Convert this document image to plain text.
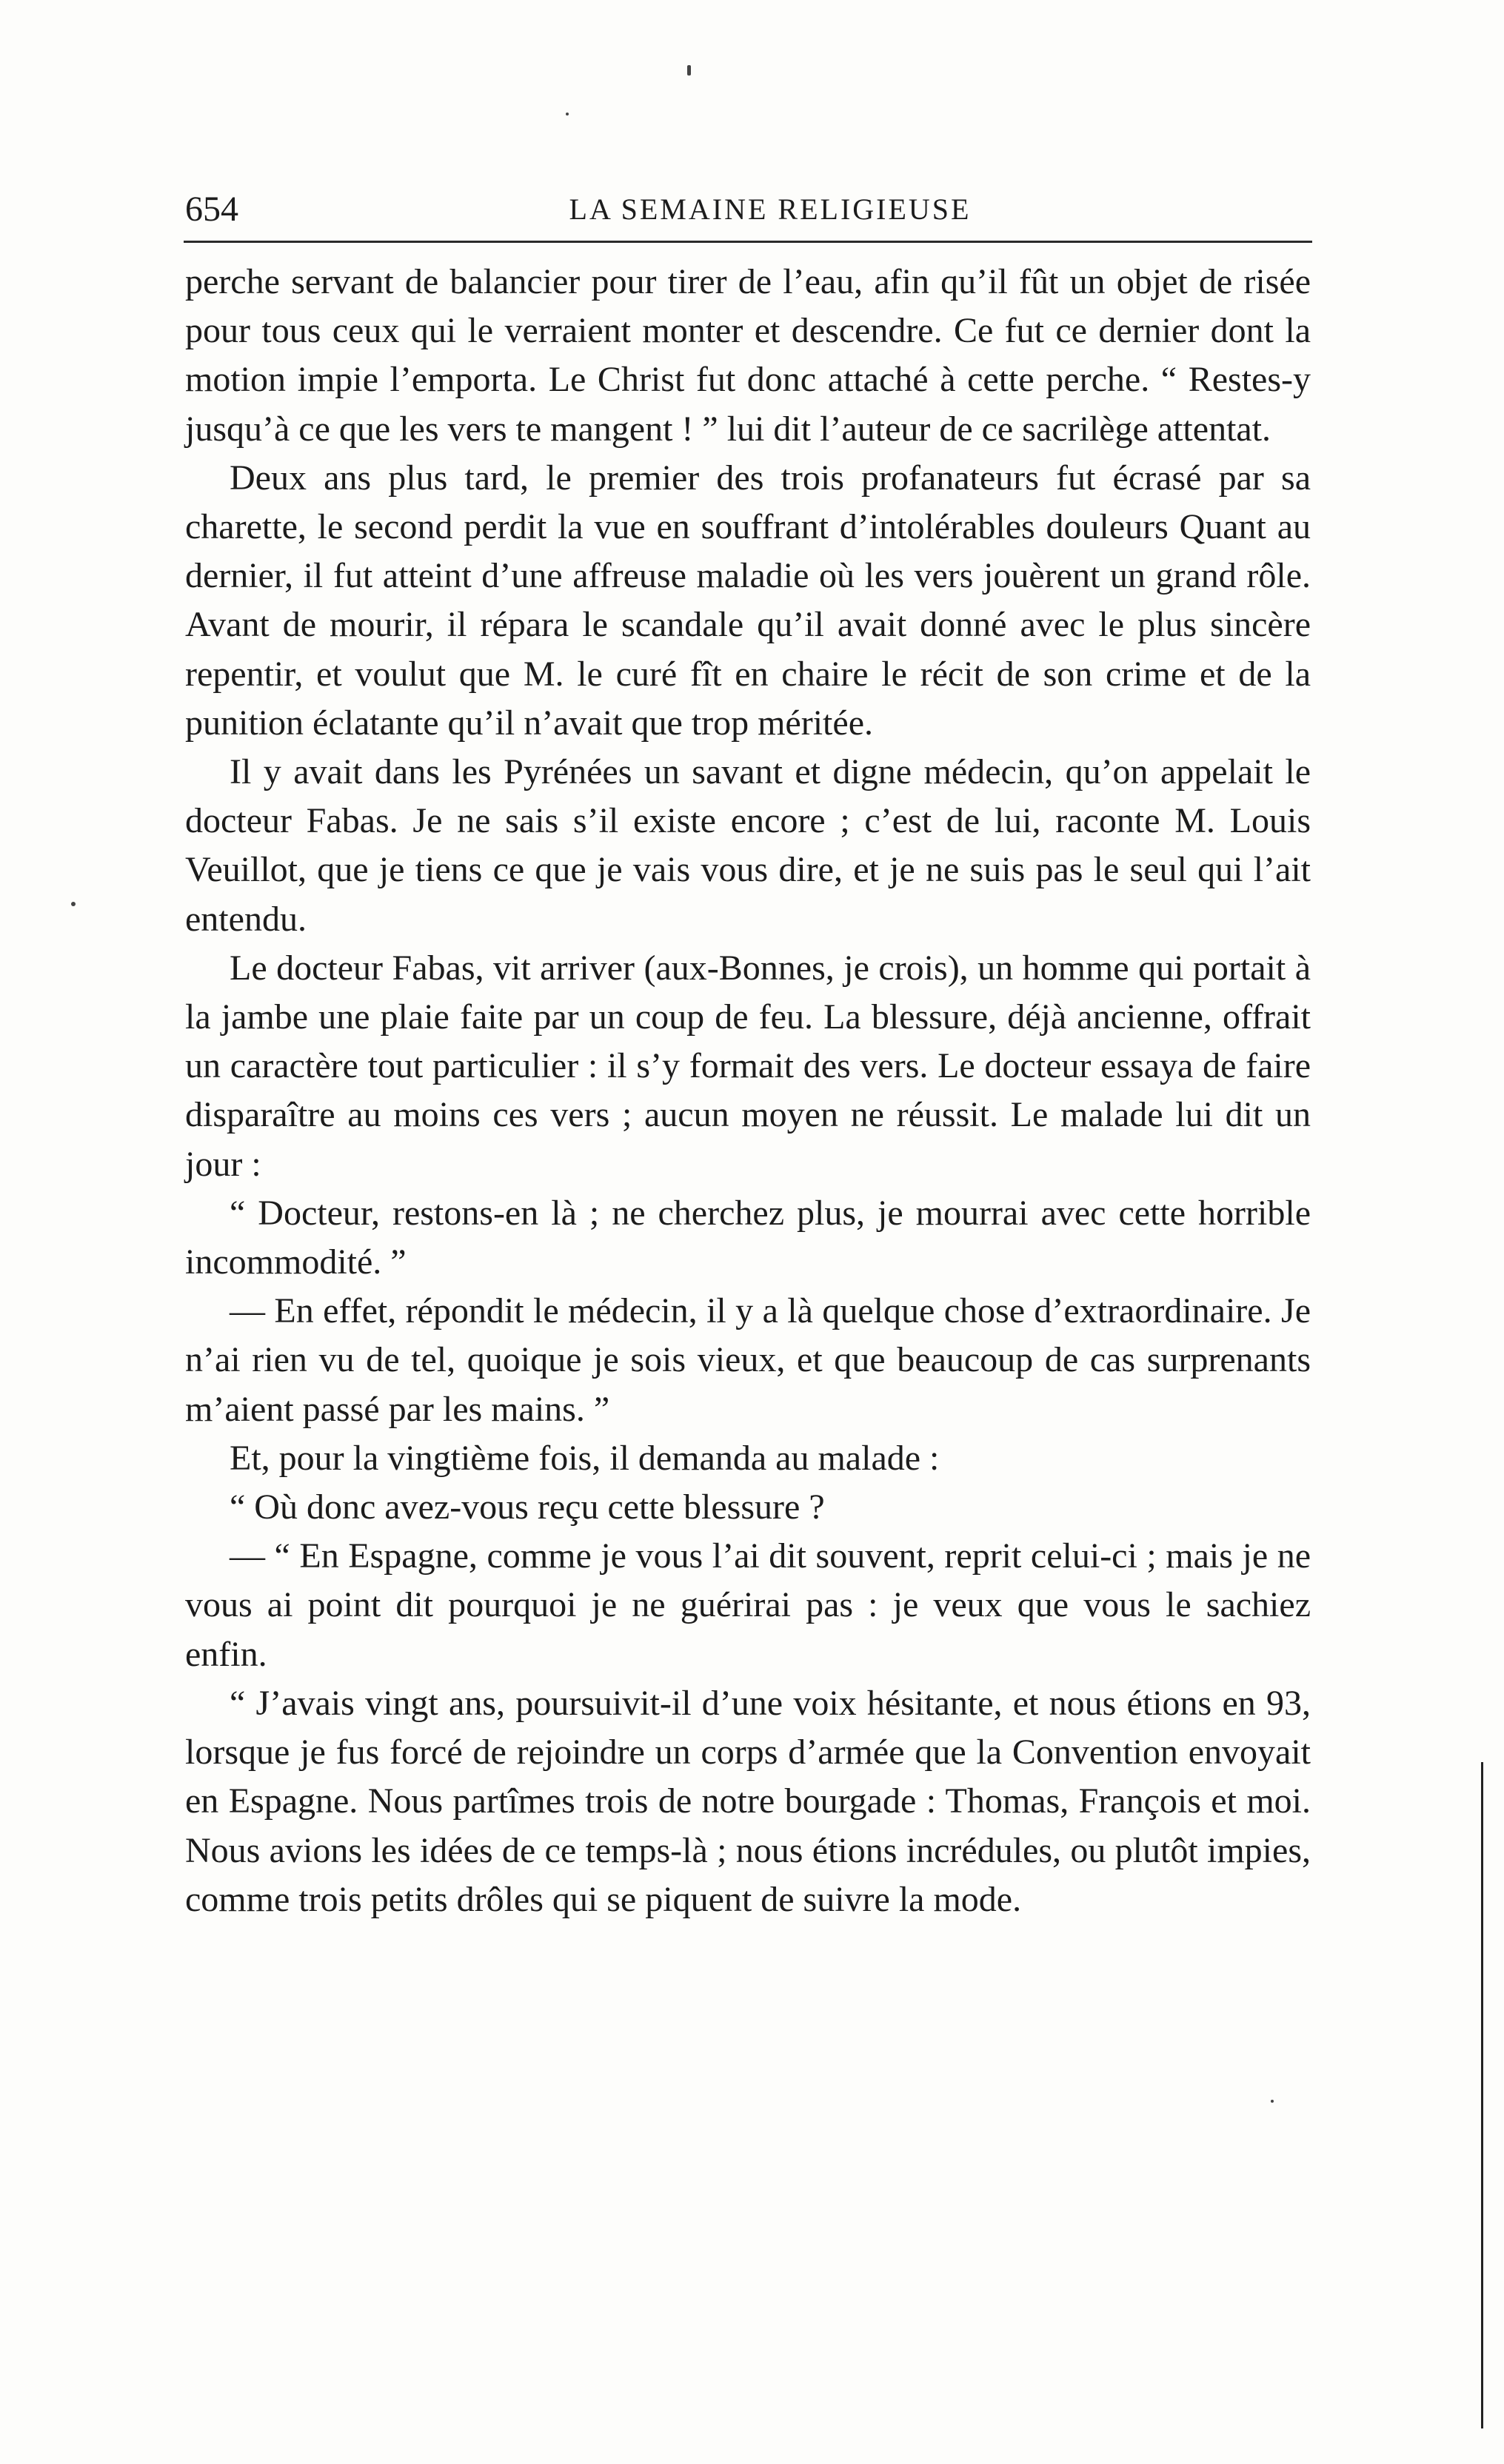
654	LA SEMAINE RELIGIEUSE

perche servant de balancier pour tirer de l’eau, afin qu’il fût un objet de risée pour tous ceux qui le verraient monter et descendre. Ce fut ce dernier dont la motion impie l’emporta. Le Christ fut donc attaché à cette perche. “ Restes-y jusqu’à ce que les vers te mangent ! ” lui dit l’auteur de ce sacrilège attentat.

Deux ans plus tard, le premier des trois profanateurs fut écrasé par sa charette, le second perdit la vue en souffrant d’intolérables douleurs Quant au dernier, il fut atteint d’une affreuse maladie où les vers jouèrent un grand rôle. Avant de mourir, il répara le scandale qu’il avait donné avec le plus sincère repentir, et voulut que M. le curé fît en chaire le récit de son crime et de la punition éclatante qu’il n’avait que trop méritée.

Il y avait dans les Pyrénées un savant et digne médecin, qu’on appelait le docteur Fabas. Je ne sais s’il existe encore ; c’est de lui, raconte M. Louis Veuillot, que je tiens ce que je vais vous dire, et je ne suis pas le seul qui l’ait entendu.

Le docteur Fabas, vit arriver (aux-Bonnes, je crois), un homme qui portait à la jambe une plaie faite par un coup de feu. La blessure, déjà ancienne, offrait un caractère tout particulier : il s’y formait des vers. Le docteur essaya de faire disparaître au moins ces vers ; aucun moyen ne réussit. Le malade lui dit un jour :

“ Docteur, restons-en là ; ne cherchez plus, je mourrai avec cette horrible incommodité. ”

— En effet, répondit le médecin, il y a là quelque chose d’extraordinaire. Je n’ai rien vu de tel, quoique je sois vieux, et que beaucoup de cas surprenants m’aient passé par les mains. ”

Et, pour la vingtième fois, il demanda au malade :

“ Où donc avez-vous reçu cette blessure ?

— “ En Espagne, comme je vous l’ai dit souvent, reprit celui-ci ; mais je ne vous ai point dit pourquoi je ne guérirai pas : je veux que vous le sachiez enfin.

“ J’avais vingt ans, poursuivit-il d’une voix hésitante, et nous étions en 93, lorsque je fus forcé de rejoindre un corps d’armée que la Convention envoyait en Espagne. Nous partîmes trois de notre bourgade : Thomas, François et moi. Nous avions les idées de ce temps-là ; nous étions incrédules, ou plutôt impies, comme trois petits drôles qui se piquent de suivre la mode.
